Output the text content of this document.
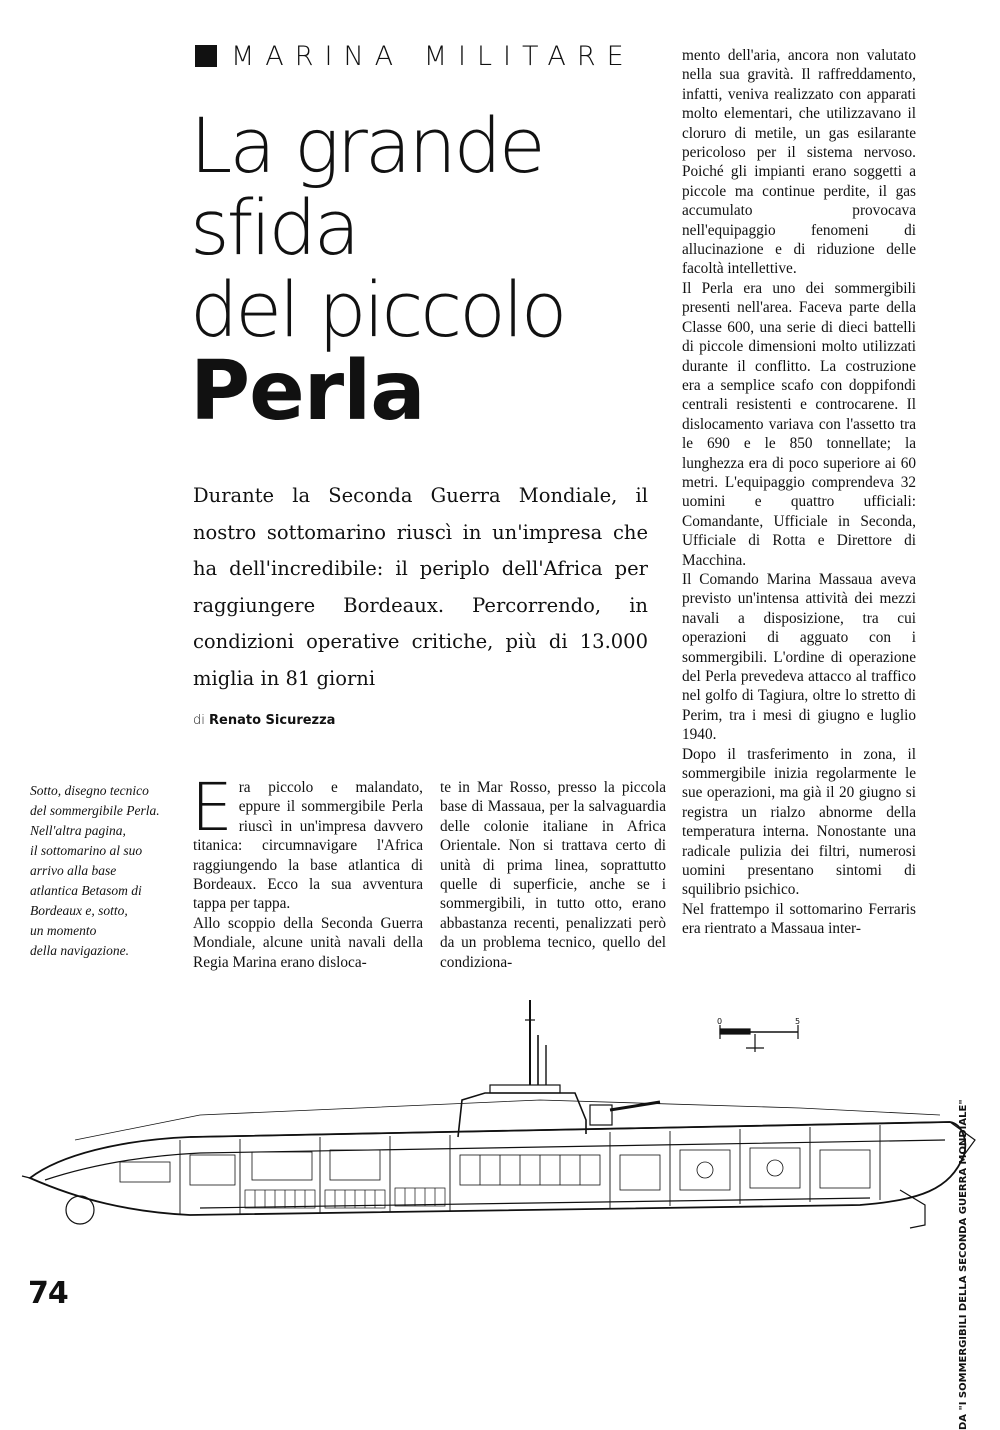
MARINA MILITARE
La grande
sfida
del piccolo
Perla

Durante la Seconda Guerra Mondiale, il nostro sottomarino riuscì in un'impresa che ha dell'incredibile: il periplo dell'Africa per raggiungere Bordeaux. Percorrendo, in condizioni operative critiche, più di 13.000 miglia in 81 giorni

di Renato Sicurezza

mento dell'aria, ancora non valutato nella sua gravità. Il raffreddamento, infatti, veniva realizzato con apparati molto elementari, che utilizzavano il cloruro di metile, un gas esilarante pericoloso per il sistema nervoso. Poiché gli impianti erano soggetti a piccole ma continue perdite, il gas accumulato provocava nell'equipaggio fenomeni di allucinazione e di riduzione delle facoltà intellettive.

Il Perla era uno dei sommergibili presenti nell'area. Faceva parte della Classe 600, una serie di dieci battelli di piccole dimensioni molto utilizzati durante il conflitto. La costruzione era a semplice scafo con doppifondi centrali resistenti e controcarene. Il dislocamento variava con l'assetto tra le 690 e le 850 tonnellate; la lunghezza era di poco superiore ai 60 metri. L'equipaggio comprendeva 32 uomini e quattro ufficiali: Comandante, Ufficiale in Seconda, Ufficiale di Rotta e Direttore di Macchina.

Il Comando Marina Massaua aveva previsto un'intensa attività dei mezzi navali a disposizione, tra cui operazioni di agguato con i sommergibili. L'ordine di operazione del Perla prevedeva attacco al traffico nel golfo di Tagiura, oltre lo stretto di Perim, tra i mesi di giugno e luglio 1940.

Dopo il trasferimento in zona, il sommergibile inizia regolarmente le sue operazioni, ma già il 20 giugno si registra un rialzo abnorme della temperatura interna. Nonostante una radicale pulizia dei filtri, numerosi uomini presentano sintomi di squilibrio psichico.

Nel frattempo il sottomarino Ferraris era rientrato a Massaua inter-

Sotto, disegno tecnico

del sommergibile Perla.

Nell'altra pagina,

il sottomarino al suo

arrivo alla base

atlantica Betasom di

Bordeaux e, sotto,

un momento

della navigazione.

E ra piccolo e malandato, eppure il sommergibile Perla riuscì in un'impresa davvero titanica: circumnavigare l'Africa raggiungendo la base atlantica di Bordeaux. Ecco la sua avventura tappa per tappa.

Allo scoppio della Seconda Guerra Mondiale, alcune unità navali della Regia Marina erano disloca-

te in Mar Rosso, presso la piccola base di Massaua, per la salvaguardia delle colonie italiane in Africa Orientale. Non si trattava certo di unità di prima linea, soprattutto quelle di superficie, anche se i sommergibili, in tutto otto, erano abbastanza recenti, penalizzati però da un problema tecnico, quello del condiziona-

DA "I SOMMERGIBILI DELLA SECONDA GUERRA MONDIALE"
0	5
74
